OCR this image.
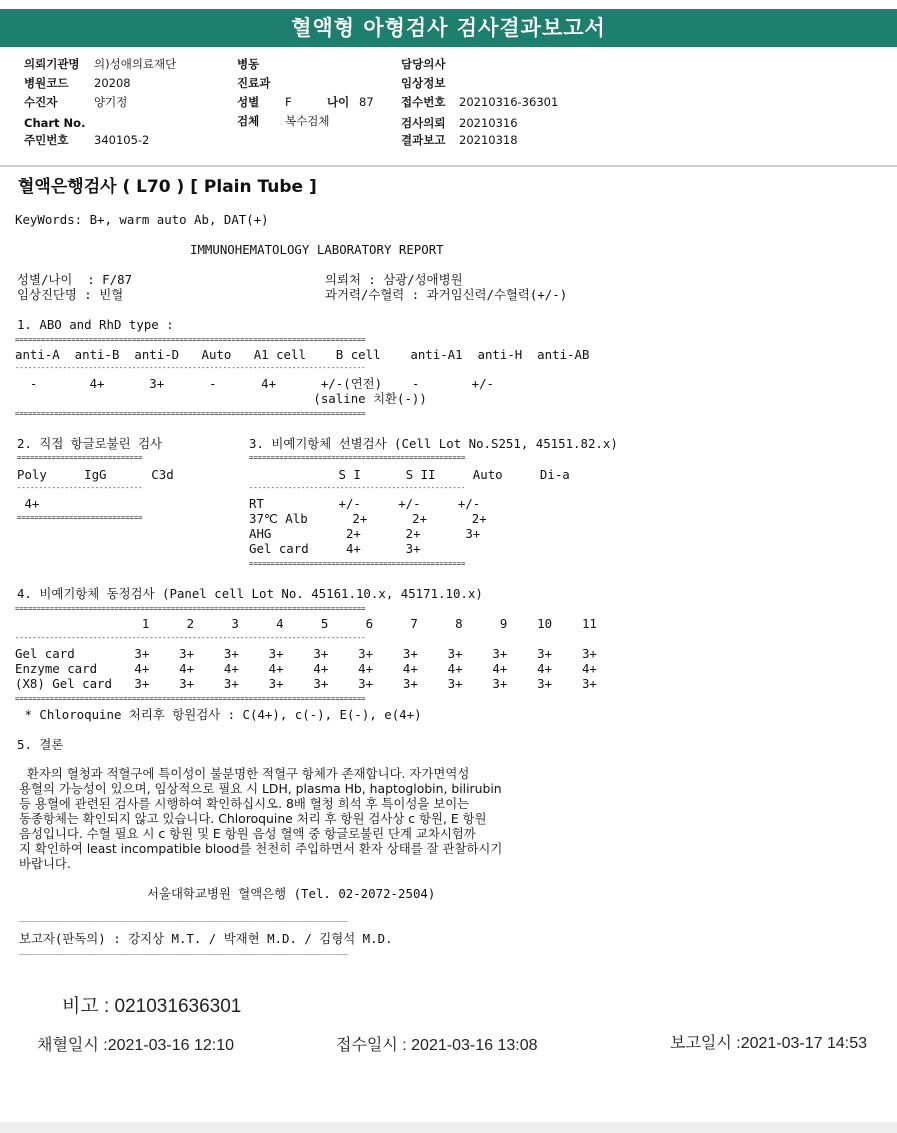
혈액형 아형검사 검사결과보고서
의뢰기관명 의)성애의료재단
병원코드 20208
수진자	양기정
Chart No.
주민번호 340105-2
병동
진료과
성별 F	나이 87
검체 복수검체
담당의사
임상정보
접수번호 20210316-36301
검사의뢰 20210316
결과보고 20210318
혈액은행검사 ( L70 ) [ Plain Tube ]
KeyWords: B+, warm auto Ab, DAT(+)
IMMUNOHEMATOLOGY LABORATORY REPORT
성별/나이  : F/87	의뢰처 : 삼광/성애병원
임상진단명 : 빈혈	과거력/수혈력 : 과거임신력/수혈력(+/-)
1. ABO and RhD type :
=================================================================================
anti-A  anti-B  anti-D   Auto   A1 cell    B cell    anti-A1  anti-H  anti-AB
---------------------------------------------------------------------------------
-       4+      3+      -      4+      +/-(연전)    -       +/-
(saline 치환(-))
=================================================================================
2. 직접 항글로불린 검사
=============================
Poly     IgG      C3d
-----------------------------
4+
=============================
3. 비예기항체 선별검사 (Cell Lot No.S251, 45151.82.x)
==================================================
S I      S II     Auto     Di-a
--------------------------------------------------
RT          +/-     +/-     +/-
37℃ Alb      2+      2+      2+
AHG          2+      2+      3+
Gel card     4+      3+
==================================================
4. 비예기항체 동정검사 (Panel cell Lot No. 45161.10.x, 45171.10.x)
=================================================================================
1     2     3     4     5     6     7     8     9    10    11
---------------------------------------------------------------------------------
Gel card        3+    3+    3+    3+    3+    3+    3+    3+    3+    3+    3+
Enzyme card     4+    4+    4+    4+    4+    4+    4+    4+    4+    4+    4+
(X8) Gel card   3+    3+    3+    3+    3+    3+    3+    3+    3+    3+    3+
=================================================================================
* Chloroquine 처리후 항원검사 : C(4+), c(-), E(-), e(4+)
5. 결론
환자의 혈청과 적혈구에 특이성이 불분명한 적혈구 항체가 존재합니다. 자가면역성
용혈의 가능성이 있으며, 임상적으로 필요 시 LDH, plasma Hb, haptoglobin, bilirubin
등 용혈에 관련된 검사를 시행하여 확인하십시오. 8배 혈청 희석 후 특이성을 보이는
동종항체는 확인되지 않고 있습니다. Chloroquine 처리 후 항원 검사상 c 항원, E 항원
음성입니다. 수혈 필요 시 c 항원 및 E 항원 음성 혈액 중 항글로불린 단계 교차시험까
지 확인하여 least incompatible blood를 천천히 주입하면서 환자 상태를 잘 관찰하시기
바랍니다.
서울대학교병원 혈액은행 (Tel. 02-2072-2504)
________________________________________________________________________
보고자(판독의) : 강지상 M.T. / 박재현 M.D. / 김형석 M.D.
________________________________________________________________________
비고 : 021031636301
채혈일시 :2021-03-16 12:10	접수일시 : 2021-03-16 13:08	보고일시 :2021-03-17 14:53
